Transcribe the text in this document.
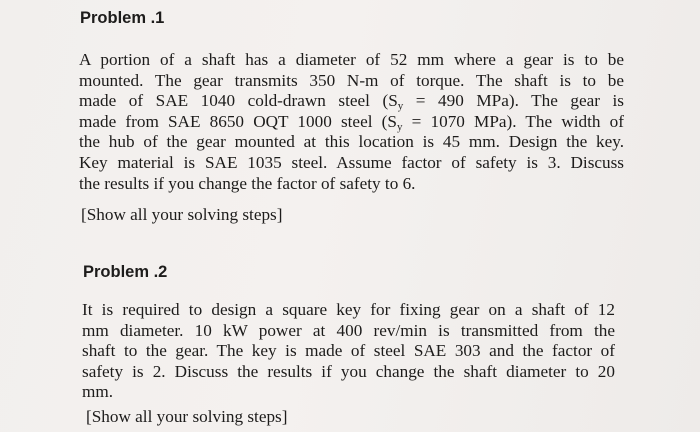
Problem .1
A portion of a shaft has a diameter of 52 mm where a gear is to be
mounted. The gear transmits 350 N-m of torque. The shaft is to be
made of SAE 1040 cold-drawn steel ($S_y = 490$ MPa). The gear is
made from SAE 8650 OQT 1000 steel ($S_y = 1070$ MPa). The width of
the hub of the gear mounted at this location is 45 mm. Design the key.
Key material is SAE 1035 steel. Assume factor of safety is 3. Discuss
the results if you change the factor of safety to 6.

[Show all your solving steps]

Problem .2
It is required to design a square key for fixing gear on a shaft of 12
mm diameter. 10 kW power at 400 rev/min is transmitted from the
shaft to the gear. The key is made of steel SAE 303 and the factor of
safety is 2. Discuss the results if you change the shaft diameter to 20
mm.

[Show all your solving steps]
